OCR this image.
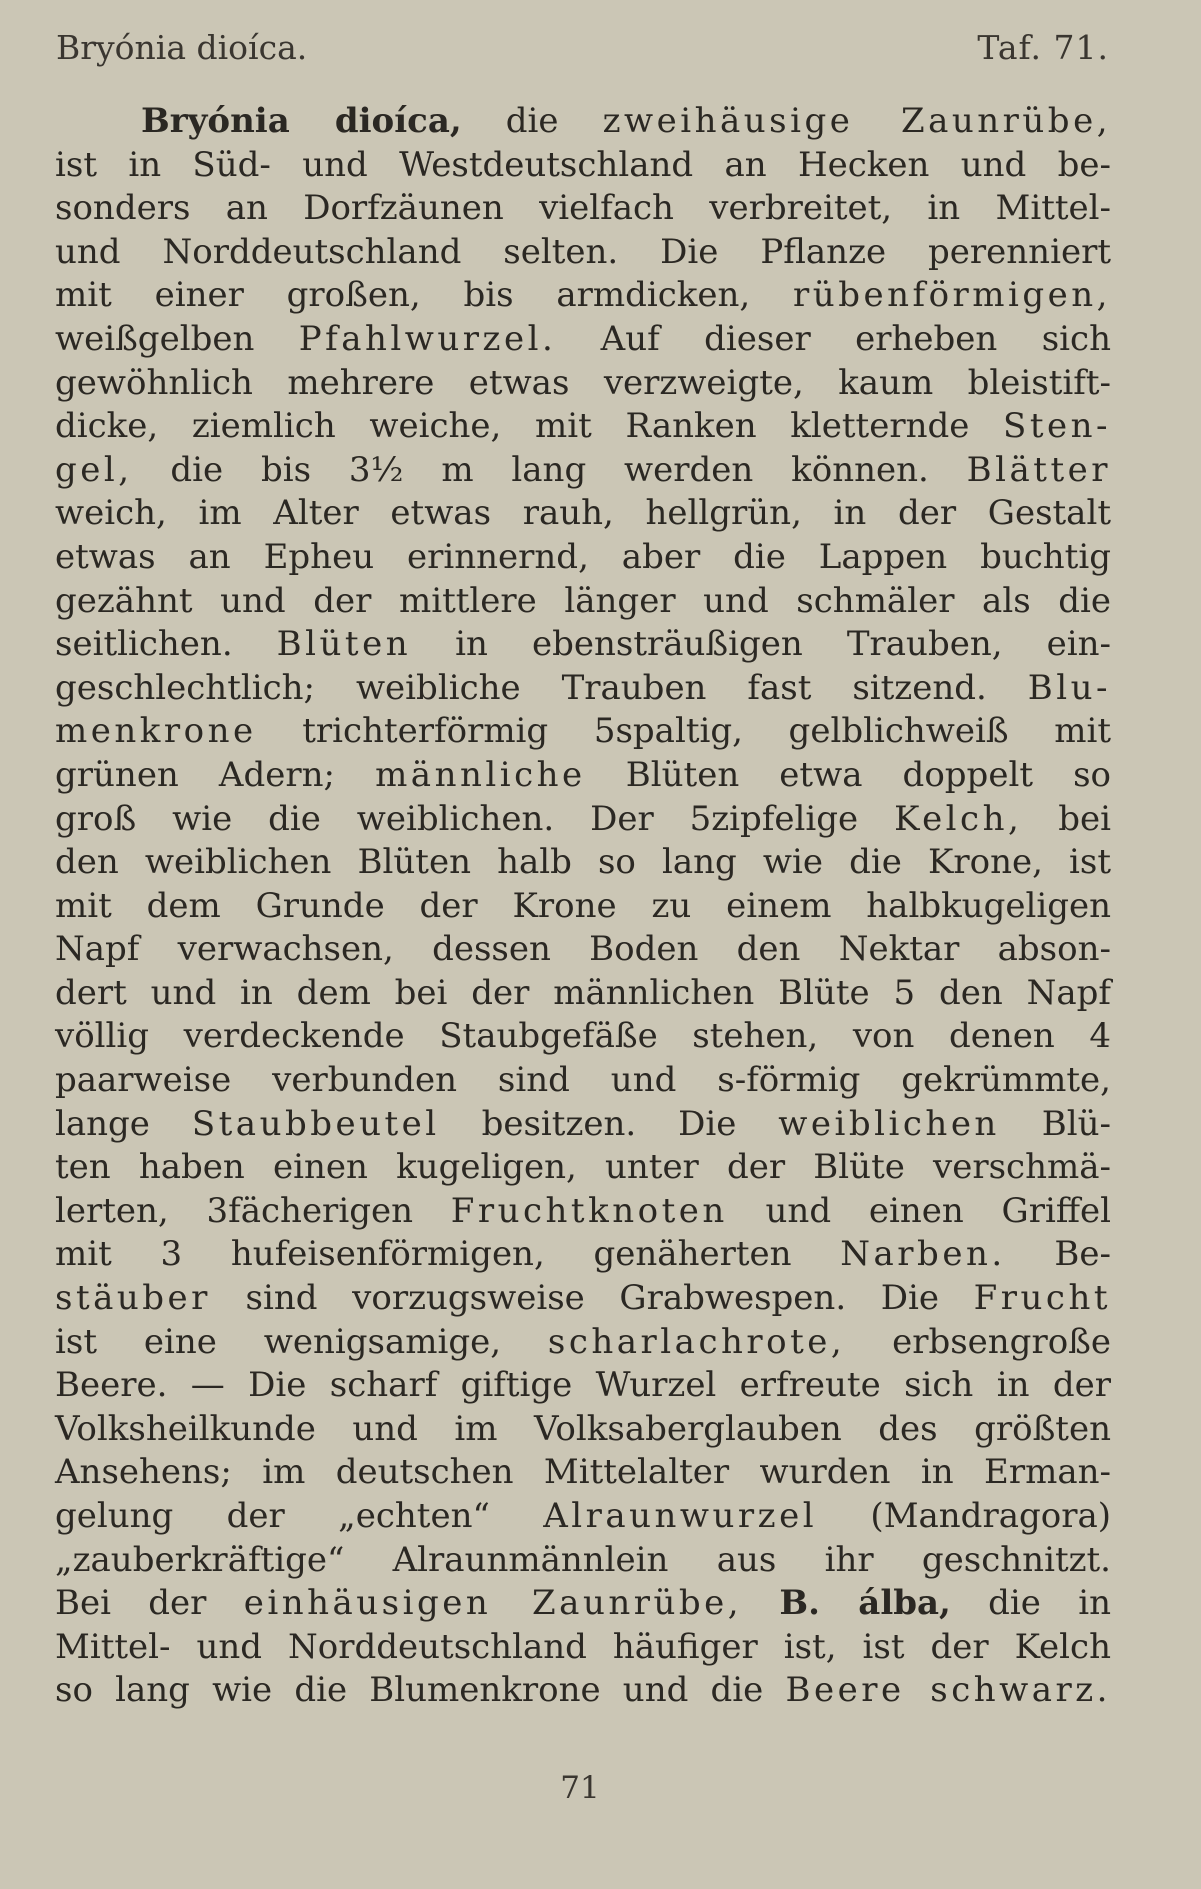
Bryónia dioíca.	Taf. 71.
Bryónia dioíca, die zweihäusige Zaunrübe,
ist in Süd- und Westdeutschland an Hecken und be-
sonders an Dorfzäunen vielfach verbreitet, in Mittel-
und Norddeutschland selten. Die Pflanze perenniert
mit einer großen, bis armdicken, rübenförmigen,
weißgelben Pfahlwurzel. Auf dieser erheben sich
gewöhnlich mehrere etwas verzweigte, kaum bleistift-
dicke, ziemlich weiche, mit Ranken kletternde Sten-
gel, die bis 3½ m lang werden können. Blätter
weich, im Alter etwas rauh, hellgrün, in der Gestalt
etwas an Epheu erinnernd, aber die Lappen buchtig
gezähnt und der mittlere länger und schmäler als die
seitlichen. Blüten in ebensträußigen Trauben, ein-
geschlechtlich; weibliche Trauben fast sitzend. Blu-
menkrone trichterförmig 5spaltig, gelblichweiß mit
grünen Adern; männliche Blüten etwa doppelt so
groß wie die weiblichen. Der 5zipfelige Kelch, bei
den weiblichen Blüten halb so lang wie die Krone, ist
mit dem Grunde der Krone zu einem halbkugeligen
Napf verwachsen, dessen Boden den Nektar abson-
dert und in dem bei der männlichen Blüte 5 den Napf
völlig verdeckende Staubgefäße stehen, von denen 4
paarweise verbunden sind und s-förmig gekrümmte,
lange Staubbeutel besitzen. Die weiblichen Blü-
ten haben einen kugeligen, unter der Blüte verschmä-
lerten, 3fächerigen Fruchtknoten und einen Griffel
mit 3 hufeisenförmigen, genäherten Narben. Be-
stäuber sind vorzugsweise Grabwespen. Die Frucht
ist eine wenigsamige, scharlachrote, erbsengroße
Beere. — Die scharf giftige Wurzel erfreute sich in der
Volksheilkunde und im Volksaberglauben des größten
Ansehens; im deutschen Mittelalter wurden in Erman-
gelung der „echten“ Alraunwurzel (Mandragora)
„zauberkräftige“ Alraunmännlein aus ihr geschnitzt.
Bei der einhäusigen Zaunrübe, B. álba, die in
Mittel- und Norddeutschland häufiger ist, ist der Kelch
so lang wie die Blumenkrone und die Beere schwarz.
71
